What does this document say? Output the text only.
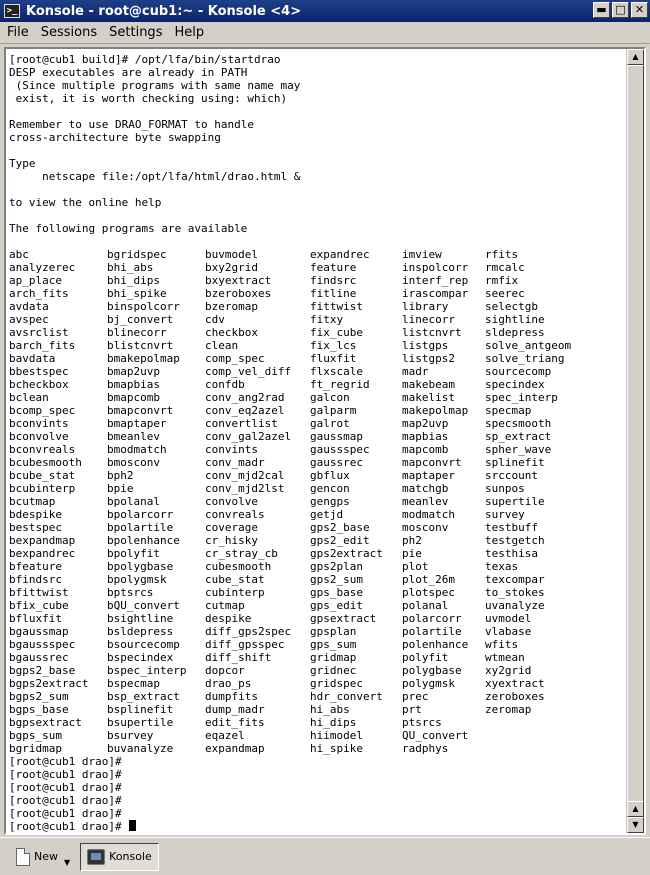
>_ Konsole - root@cub1:~ - Konsole <4>	▬ □ ✕
File Sessions Settings Help
[root@cub1 build]# /opt/lfa/bin/startdrao
DESP executables are already in PATH
(Since multiple programs with same name may
exist, it is worth checking using: which)
Remember to use DRAO_FORMAT to handle
cross-architecture byte swapping
Type
netscape file:/opt/lfa/html/drao.html &
to view the online help
The following programs are available
abc	bgridspec	buvmodel	expandrec	imview	rfits
analyzerec	bhi_abs	bxy2grid	feature	inspolcorr	rmcalc
ap_place	bhi_dips	bxyextract	findsrc	interf_rep	rmfix
arch_fits	bhi_spike	bzeroboxes	fitline	irascompar	seerec
avdata	binspolcorr	bzeromap	fittwist	library	selectgb
avspec	bj_convert	cdv	fitxy	linecorr	sightline
avsrclist	blinecorr	checkbox	fix_cube	listcnvrt	sldepress
barch_fits	blistcnvrt	clean	fix_lcs	listgps	solve_antgeom
bavdata	bmakepolmap	comp_spec	fluxfit	listgps2	solve_triang
bbestspec	bmap2uvp	comp_vel_diff	flxscale	madr	sourcecomp
bcheckbox	bmapbias	confdb	ft_regrid	makebeam	specindex
bclean	bmapcomb	conv_ang2rad	galcon	makelist	spec_interp
bcomp_spec	bmapconvrt	conv_eq2azel	galparm	makepolmap	specmap
bconvints	bmaptaper	convertlist	galrot	map2uvp	specsmooth
bconvolve	bmeanlev	conv_gal2azel	gaussmap	mapbias	sp_extract
bconvreals	bmodmatch	convints	gaussspec	mapcomb	spher_wave
bcubesmooth	bmosconv	conv_madr	gaussrec	mapconvrt	splinefit
bcube_stat	bph2	conv_mjd2cal	gbflux	maptaper	srccount
bcubinterp	bpie	conv_mjd2lst	gencon	matchgb	sunpos
bcutmap	bpolanal	convolve	gengps	meanlev	supertile
bdespike	bpolarcorr	convreals	getjd	modmatch	survey
bestspec	bpolartile	coverage	gps2_base	mosconv	testbuff
bexpandmap	bpolenhance	cr_hisky	gps2_edit	ph2	testgetch
bexpandrec	bpolyfit	cr_stray_cb	gps2extract	pie	testhisa
bfeature	bpolygbase	cubesmooth	gps2plan	plot	texas
bfindsrc	bpolygmsk	cube_stat	gps2_sum	plot_26m	texcompar
bfittwist	bptsrcs	cubinterp	gps_base	plotspec	to_stokes
bfix_cube	bQU_convert	cutmap	gps_edit	polanal	uvanalyze
bfluxfit	bsightline	despike	gpsextract	polarcorr	uvmodel
bgaussmap	bsldepress	diff_gps2spec	gpsplan	polartile	vlabase
bgaussspec	bsourcecomp	diff_gpsspec	gps_sum	polenhance	wfits
bgaussrec	bspecindex	diff_shift	gridmap	polyfit	wtmean
bgps2_base	bspec_interp	dopcor	gridnec	polygbase	xy2grid
bgps2extract	bspecmap	drao_ps	gridspec	polygmsk	xyextract
bgps2_sum	bsp_extract	dumpfits	hdr_convert	prec	zeroboxes
bgps_base	bsplinefit	dump_madr	hi_abs	prt	zeromap
bgpsextract	bsupertile	edit_fits	hi_dips	ptsrcs
bgps_sum	bsurvey	eqazel	hiimodel	QU_convert
bgridmap	buvanalyze	expandmap	hi_spike	radphys
[root@cub1 drao]#
[root@cub1 drao]#
[root@cub1 drao]#
[root@cub1 drao]#
[root@cub1 drao]#
[root@cub1 drao]#
▲
▲
▼
New ▼	Konsole
